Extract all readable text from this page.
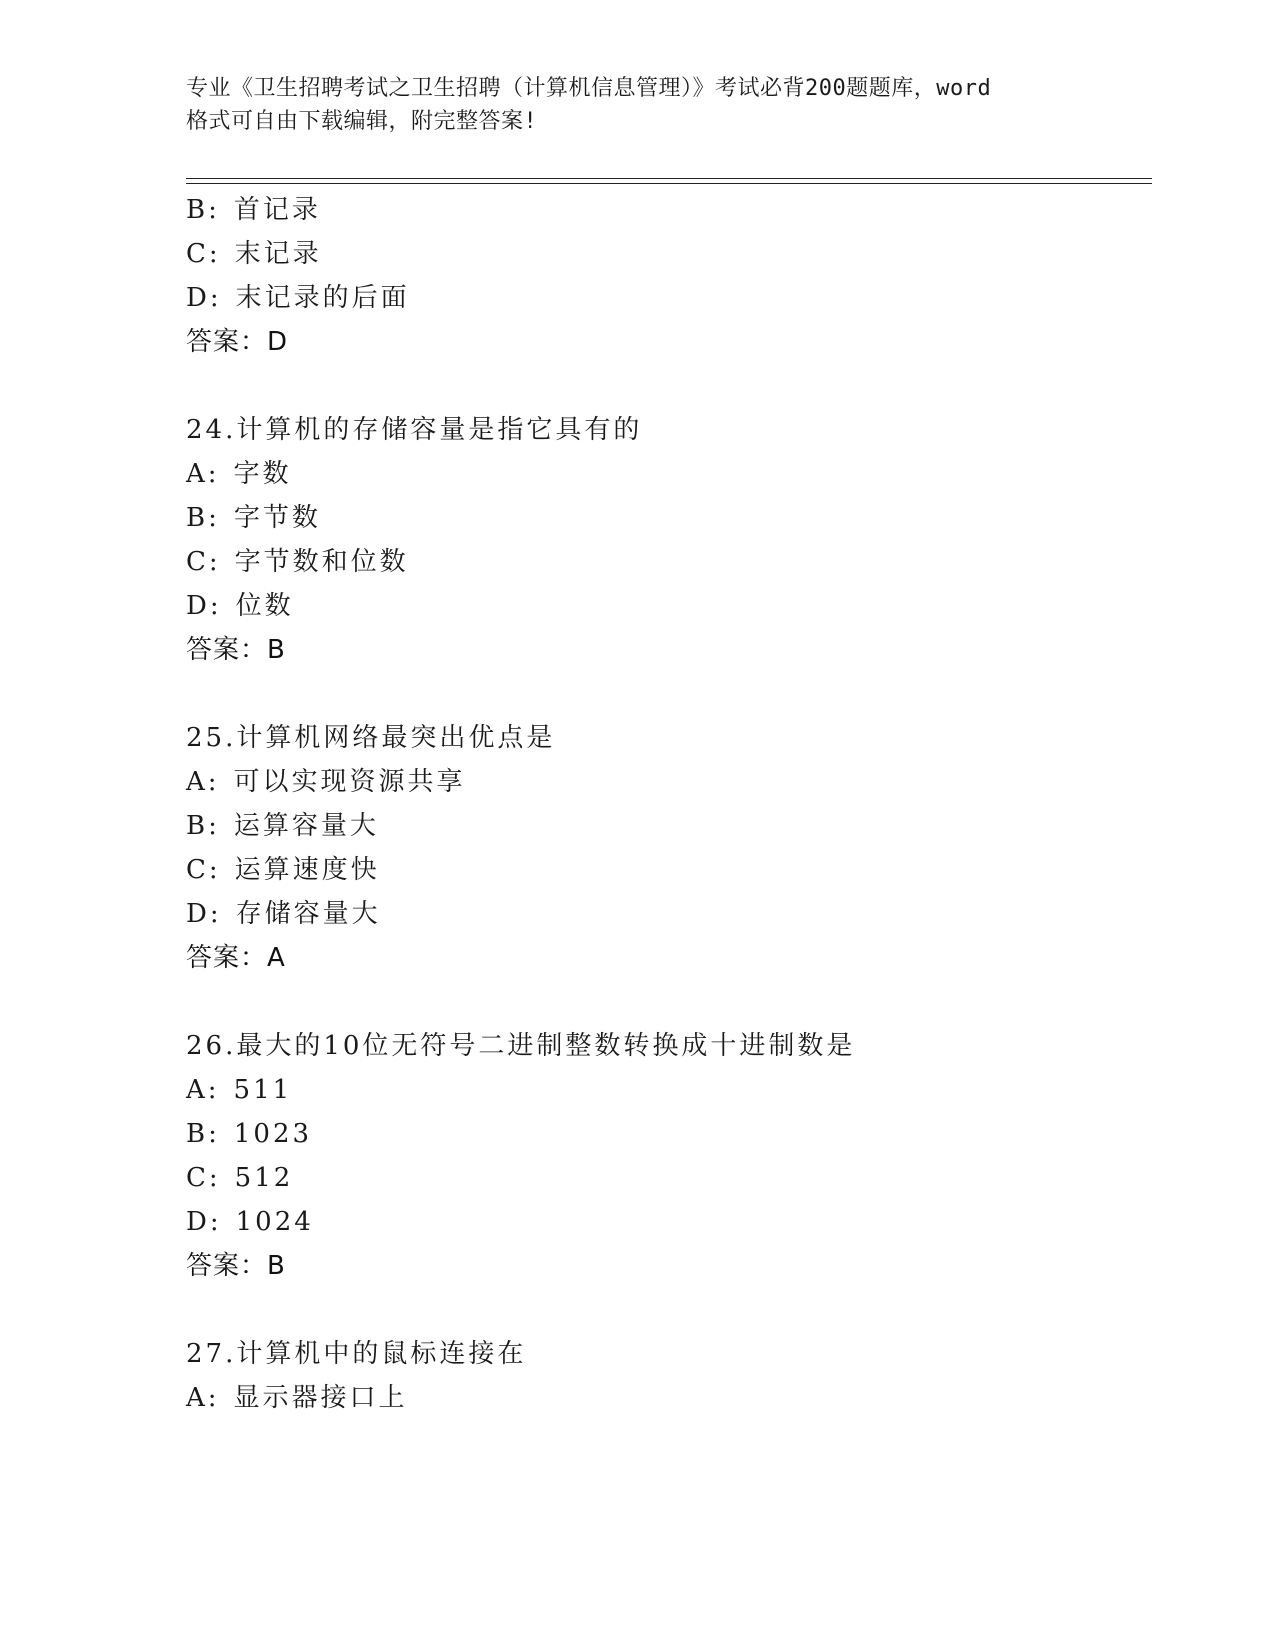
专业《卫生招聘考试之卫生招聘（计算机信息管理）》考试必背200题题库，word
格式可自由下载编辑，附完整答案!
B: 首记录
C: 末记录
D: 末记录的后面
答案：D
24.计算机的存储容量是指它具有的
A: 字数
B: 字节数
C: 字节数和位数
D: 位数
答案：B
25.计算机网络最突出优点是
A: 可以实现资源共享
B: 运算容量大
C: 运算速度快
D: 存储容量大
答案：A
26.最大的10位无符号二进制整数转换成十进制数是
A: 511
B: 1023
C: 512
D: 1024
答案：B
27.计算机中的鼠标连接在
A: 显示器接口上
